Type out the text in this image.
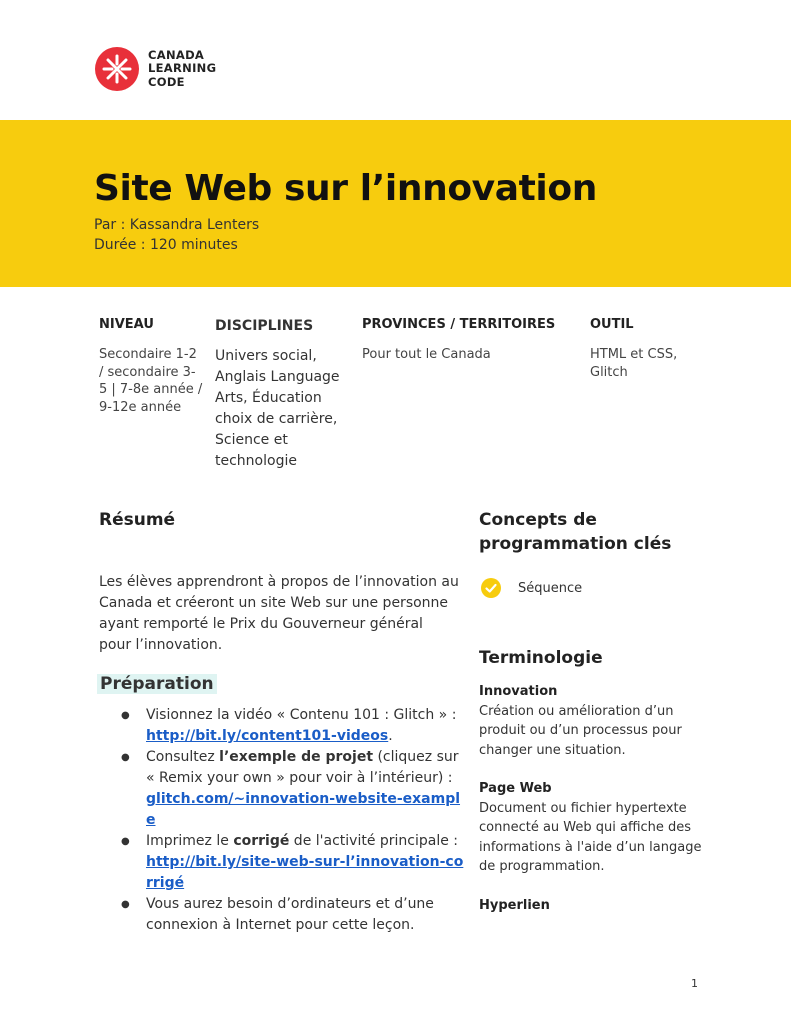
CANADA
LEARNING
CODE
Site Web sur l’innovation
Par : Kassandra Lenters
Durée : 120 minutes
NIVEAU
Secondaire 1-2 / secondaire 3-5 | 7-8e année / 9-12e année
DISCIPLINES
Univers social, Anglais Language Arts, Éducation choix de carrière, Science et technologie
PROVINCES / TERRITOIRES
Pour tout le Canada
OUTIL
HTML et CSS, Glitch
Résumé

Les élèves apprendront à propos de l’innovation au Canada et créeront un site Web sur une personne ayant remporté le Prix du Gouverneur général pour l’innovation.

Préparation
● Visionnez la vidéo « Contenu 101 : Glitch » : http://bit.ly/content101-videos.
● Consultez l’exemple de projet (cliquez sur « Remix your own » pour voir à l’intérieur) : glitch.com/~innovation-website-example
● Imprimez le corrigé de l'activité principale : http://bit.ly/site-web-sur-l’innovation-corrigé
● Vous aurez besoin d’ordinateurs et d’une connexion à Internet pour cette leçon.
Concepts de programmation clés
Séquence
Terminologie
Innovation
Création ou amélioration d’un produit ou d’un processus pour changer une situation.
Page Web
Document ou fichier hypertexte connecté au Web qui affiche des informations à l'aide d’un langage de programmation.
Hyperlien
1
